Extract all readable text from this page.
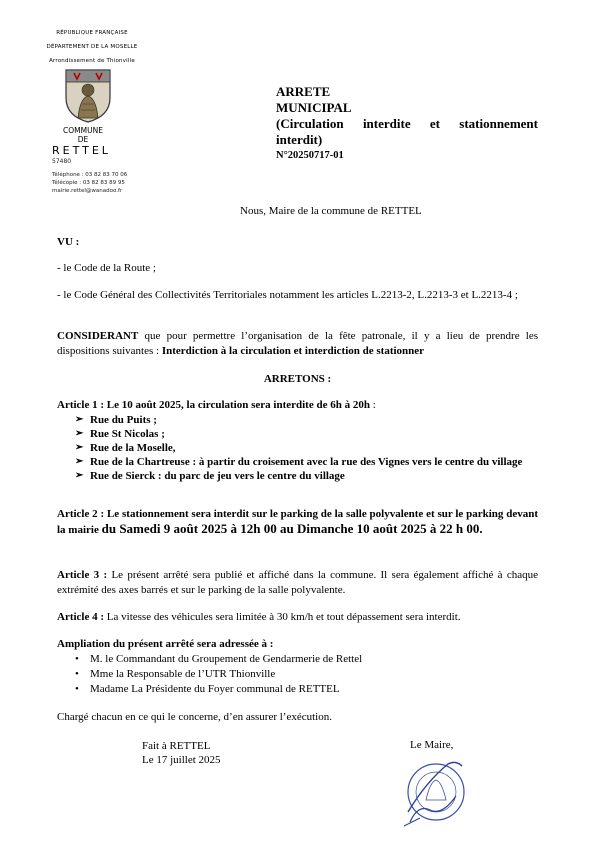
RÉPUBLIQUE FRANÇAISE
DÉPARTEMENT DE LA MOSELLE
Arrondissement de Thionville
COMMUNE
DE
RETTEL
57480
Téléphone : 03 82 83 70 06
Télécopie : 03 82 83 89 95
mairie.rettel@wanadoo.fr
ARRETE
MUNICIPAL
(Circulation interdite et stationnement
interdit)
N°20250717-01
Nous, Maire de la commune de RETTEL
VU :
- le Code de la Route ;
- le Code Général des Collectivités Territoriales notamment les articles L.2213-2, L.2213-3 et L.2213-4 ;
CONSIDERANT que pour permettre l’organisation de la fête patronale, il y a lieu de prendre les dispositions suivantes : Interdiction à la circulation et interdiction de stationner
ARRETONS :
Article 1 : Le 10 août 2025, la circulation sera interdite de 6h à 20h :
➢ Rue du Puits ;
➢ Rue St Nicolas ;
➢ Rue de la Moselle,
➢ Rue de la Chartreuse : à partir du croisement avec la rue des Vignes vers le centre du village
➢ Rue de Sierck : du parc de jeu vers le centre du village
Article 2 : Le stationnement sera interdit sur le parking de la salle polyvalente et sur le parking devant la mairie du Samedi 9 août 2025 à 12h 00 au Dimanche 10 août 2025 à 22 h 00.
Article 3 : Le présent arrêté sera publié et affiché dans la commune. Il sera également affiché à chaque extrémité des axes barrés et sur le parking de la salle polyvalente.
Article 4 : La vitesse des véhicules sera limitée à 30 km/h et tout dépassement sera interdit.
Ampliation du présent arrêté sera adressée à :
• M. le Commandant du Groupement de Gendarmerie de Rettel
• Mme la Responsable de l’UTR Thionville
• Madame La Présidente du Foyer communal de RETTEL
Chargé chacun en ce qui le concerne, d’en assurer l’exécution.
Fait à RETTEL
Le 17 juillet 2025
Le Maire,
